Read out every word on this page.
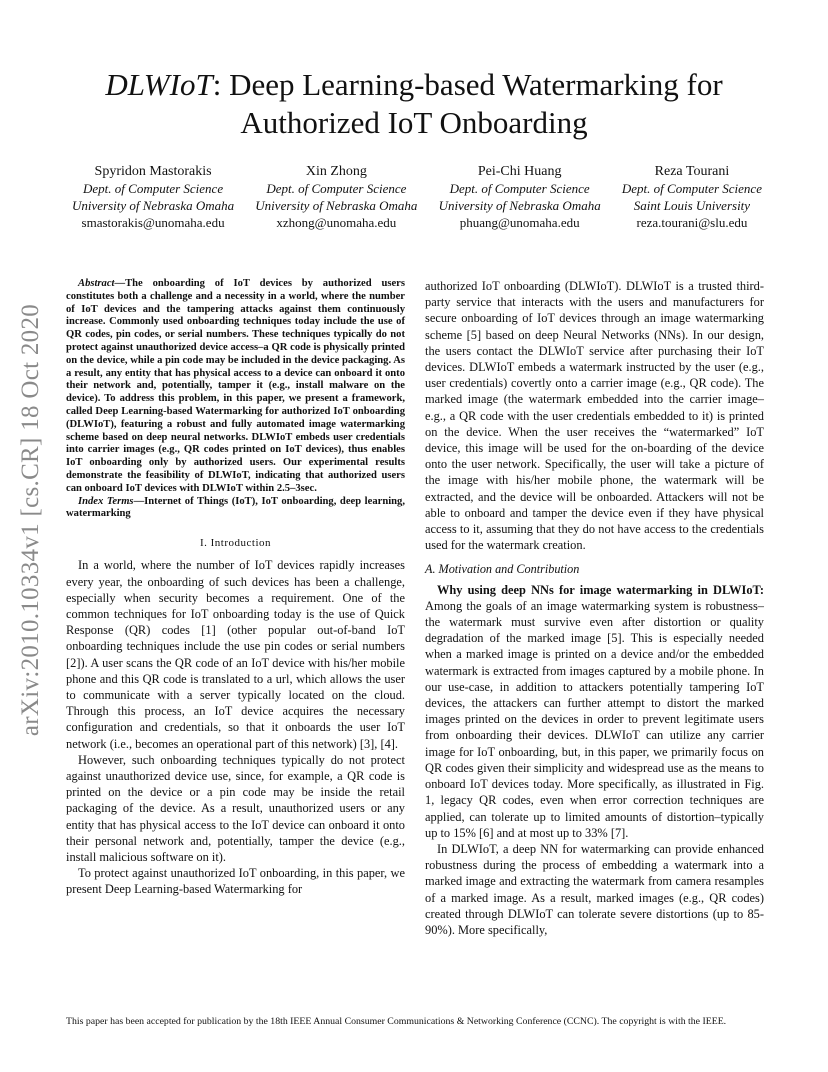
arXiv:2010.10334v1 [cs.CR] 18 Oct 2020
DLWIoT: Deep Learning-based Watermarking for
Authorized IoT Onboarding
Spyridon Mastorakis
Dept. of Computer Science
University of Nebraska Omaha
smastorakis@unomaha.edu
Xin Zhong
Dept. of Computer Science
University of Nebraska Omaha
xzhong@unomaha.edu
Pei-Chi Huang
Dept. of Computer Science
University of Nebraska Omaha
phuang@unomaha.edu
Reza Tourani
Dept. of Computer Science
Saint Louis University
reza.tourani@slu.edu

Abstract—The onboarding of IoT devices by authorized users constitutes both a challenge and a necessity in a world, where the number of IoT devices and the tampering attacks against them continuously increase. Commonly used onboarding techniques today include the use of QR codes, pin codes, or serial numbers. These techniques typically do not protect against unauthorized device access–a QR code is physically printed on the device, while a pin code may be included in the device packaging. As a result, any entity that has physical access to a device can onboard it onto their network and, potentially, tamper it (e.g., install malware on the device). To address this problem, in this paper, we present a framework, called Deep Learning-based Watermarking for authorized IoT onboarding (DLWIoT), featuring a robust and fully automated image watermarking scheme based on deep neural networks. DLWIoT embeds user credentials into carrier images (e.g., QR codes printed on IoT devices), thus enables IoT onboarding only by authorized users. Our experimental results demonstrate the feasibility of DLWIoT, indicating that authorized users can onboard IoT devices with DLWIoT within 2.5–3sec.

Index Terms—Internet of Things (IoT), IoT onboarding, deep learning, watermarking

I. Introduction

In a world, where the number of IoT devices rapidly increases every year, the onboarding of such devices has been a challenge, especially when security becomes a requirement. One of the common techniques for IoT onboarding today is the use of Quick Response (QR) codes [1] (other popular out-of-band IoT onboarding techniques include the use pin codes or serial numbers [2]). A user scans the QR code of an IoT device with his/her mobile phone and this QR code is translated to a url, which allows the user to communicate with a server typically located on the cloud. Through this process, an IoT device acquires the necessary configuration and credentials, so that it onboards the user IoT network (i.e., becomes an operational part of this network) [3], [4].

However, such onboarding techniques typically do not protect against unauthorized device use, since, for example, a QR code is printed on the device or a pin code may be inside the retail packaging of the device. As a result, unauthorized users or any entity that has physical access to the IoT device can onboard it onto their personal network and, potentially, tamper the device (e.g., install malicious software on it).

To protect against unauthorized IoT onboarding, in this paper, we present Deep Learning-based Watermarking for

authorized IoT onboarding (DLWIoT). DLWIoT is a trusted third-party service that interacts with the users and manufacturers for secure onboarding of IoT devices through an image watermarking scheme [5] based on deep Neural Networks (NNs). In our design, the users contact the DLWIoT service after purchasing their IoT devices. DLWIoT embeds a watermark instructed by the user (e.g., user credentials) covertly onto a carrier image (e.g., QR code). The marked image (the watermark embedded into the carrier image–e.g., a QR code with the user credentials embedded to it) is printed on the device. When the user receives the “watermarked” IoT device, this image will be used for the on-boarding of the device onto the user network. Specifically, the user will take a picture of the image with his/her mobile phone, the watermark will be extracted, and the device will be onboarded. Attackers will not be able to onboard and tamper the device even if they have physical access to it, assuming that they do not have access to the credentials used for the watermark creation.

A. Motivation and Contribution

Why using deep NNs for image watermarking in DLWIoT: Among the goals of an image watermarking system is robustness–the watermark must survive even after distortion or quality degradation of the marked image [5]. This is especially needed when a marked image is printed on a device and/or the embedded watermark is extracted from images captured by a mobile phone. In our use-case, in addition to attackers potentially tampering IoT devices, the attackers can further attempt to distort the marked images printed on the devices in order to prevent legitimate users from onboarding their devices. DLWIoT can utilize any carrier image for IoT onboarding, but, in this paper, we primarily focus on QR codes given their simplicity and widespread use as the means to onboard IoT devices today. More specifically, as illustrated in Fig. 1, legacy QR codes, even when error correction techniques are applied, can tolerate up to limited amounts of distortion–typically up to 15% [6] and at most up to 33% [7].

In DLWIoT, a deep NN for watermarking can provide enhanced robustness during the process of embedding a watermark into a marked image and extracting the watermark from camera resamples of a marked image. As a result, marked images (e.g., QR codes) created through DLWIoT can tolerate severe distortions (up to 85-90%). More specifically,

This paper has been accepted for publication by the 18th IEEE Annual Consumer Communications & Networking Conference (CCNC). The copyright is with the IEEE.
